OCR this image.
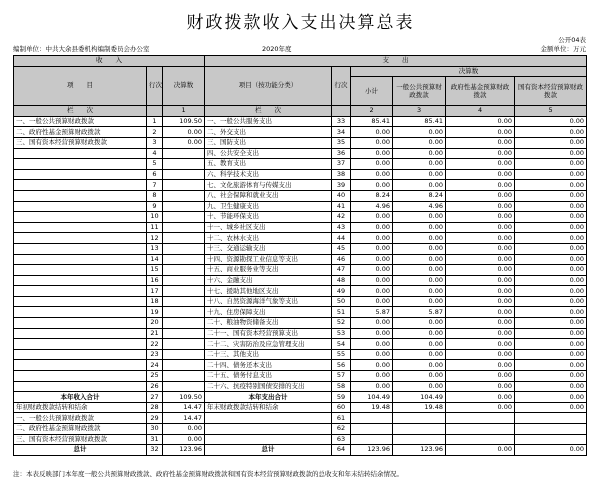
财政拨款收入支出决算总表
公开04表
编制单位：中共大余县委机构编制委员会办公室	2020年度	金额单位：万元
收　　入			支　　出					
项　　目	行次	决算数	项目（按功能分类）	行次	决算数			
					小计	一般公共预算财政拨款	政府性基金预算财政拨款	国有资本经营预算财政拨款

栏　　次		1	栏　　次		2	3	4	5
一、一般公共预算财政拨款	1	109.50	一、一般公共服务支出	33	85.41	85.41	0.00	0.00
二、政府性基金预算财政拨款	2	0.00	二、外交支出	34	0.00	0.00	0.00	0.00
三、国有资本经营预算财政拨款	3	0.00	三、国防支出	35	0.00	0.00	0.00	0.00
	4		四、公共安全支出	36	0.00	0.00	0.00	0.00
	5		五、教育支出	37	0.00	0.00	0.00	0.00
	6		六、科学技术支出	38	0.00	0.00	0.00	0.00
	7		七、文化旅游体育与传媒支出	39	0.00	0.00	0.00	0.00
	8		八、社会保障和就业支出	40	8.24	8.24	0.00	0.00
	9		九、卫生健康支出	41	4.96	4.96	0.00	0.00
	10		十、节能环保支出	42	0.00	0.00	0.00	0.00
	11		十一、城乡社区支出	43	0.00	0.00	0.00	0.00
	12		十二、农林水支出	44	0.00	0.00	0.00	0.00
	13		十三、交通运输支出	45	0.00	0.00	0.00	0.00
	14		十四、资源勘探工业信息等支出	46	0.00	0.00	0.00	0.00
	15		十五、商业服务业等支出	47	0.00	0.00	0.00	0.00
	16		十六、金融支出	48	0.00	0.00	0.00	0.00
	17		十七、援助其他地区支出	49	0.00	0.00	0.00	0.00
	18		十八、自然资源海洋气象等支出	50	0.00	0.00	0.00	0.00
	19		十九、住房保障支出	51	5.87	5.87	0.00	0.00
	20		二十、粮油物资储备支出	52	0.00	0.00	0.00	0.00
	21		二十一、国有资本经营预算支出	53	0.00	0.00	0.00	0.00
	22		二十二、灾害防治及应急管理支出	54	0.00	0.00	0.00	0.00
	23		二十三、其他支出	55	0.00	0.00	0.00	0.00
	24		二十四、债务还本支出	56	0.00	0.00	0.00	0.00
	25		二十五、债务付息支出	57	0.00	0.00	0.00	0.00
	26		二十六、抗疫特别国债安排的支出	58	0.00	0.00	0.00	0.00
本年收入合计	27	109.50	本年支出合计	59	104.49	104.49	0.00	0.00
年初财政拨款结转和结余	28	14.47	年末财政拨款结转和结余	60	19.48	19.48	0.00	0.00
一、一般公共预算财政拨款	29	14.47		61				
二、政府性基金预算财政拨款	30	0.00		62				
三、国有资本经营预算财政拨款	31	0.00		63				
总计	32	123.96	总计	64	123.96	123.96	0.00	0.00
注：本表反映部门本年度一般公共预算财政拨款、政府性基金预算财政拨款和国有资本经营预算财政拨款的总收支和年末结转结余情况。
